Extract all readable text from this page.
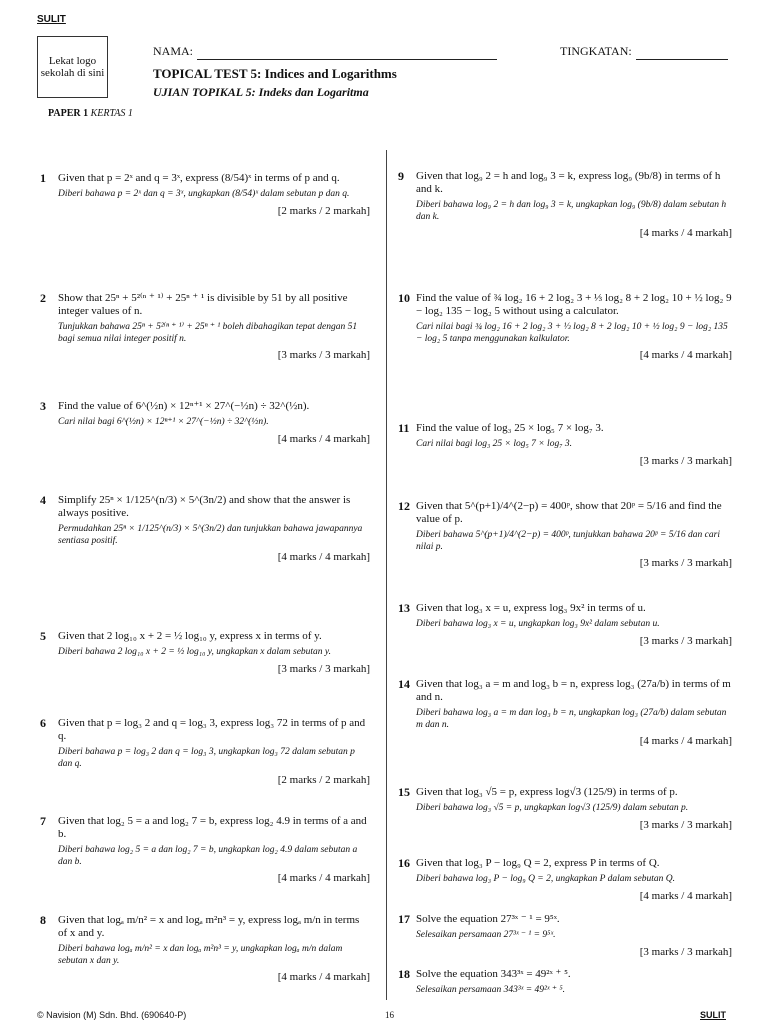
SULIT
Lekat logo sekolah di sini
NAMA:	TINGKATAN:
TOPICAL TEST 5: Indices and Logarithms
UJIAN TOPIKAL 5: Indeks dan Logaritma
PAPER 1 KERTAS 1
1 Given that p = 2ˣ and q = 3ˣ, express (8/54)ˣ in terms of p and q.
Diberi bahawa p = 2ˣ dan q = 3ˣ, ungkapkan (8/54)ˣ dalam sebutan p dan q.
[2 marks / 2 markah]
2 Show that 25ⁿ + 5²⁽ⁿ ⁺ ¹⁾ + 25ⁿ ⁺ ¹ is divisible by 51 by all positive integer values of n.
Tunjukkan bahawa 25ⁿ + 5²⁽ⁿ ⁺ ¹⁾ + 25ⁿ ⁺ ¹ boleh dibahagikan tepat dengan 51 bagi semua nilai integer positif n.
[3 marks / 3 markah]
3 Find the value of 6^(½n) × 12ⁿ⁺¹ × 27^(−½n) ÷ 32^(½n).
Cari nilai bagi 6^(½n) × 12ⁿ⁺¹ × 27^(−½n) ÷ 32^(½n).
[4 marks / 4 markah]
4 Simplify 25ⁿ × 1/125^(n/3) × 5^(3n/2) and show that the answer is always positive.
Permudahkan 25ⁿ × 1/125^(n/3) × 5^(3n/2) dan tunjukkan bahawa jawapannya sentiasa positif.
[4 marks / 4 markah]
5 Given that 2 log₁₀ x + 2 = ½ log₁₀ y, express x in terms of y.
Diberi bahawa 2 log₁₀ x + 2 = ½ log₁₀ y, ungkapkan x dalam sebutan y.
[3 marks / 3 markah]
6 Given that p = log₃ 2 and q = log₃ 3, express log₃ 72 in terms of p and q.
Diberi bahawa p = log₃ 2 dan q = log₃ 3, ungkapkan log₃ 72 dalam sebutan p dan q.
[2 marks / 2 markah]
7 Given that log₂ 5 = a and log₂ 7 = b, express log₂ 4.9 in terms of a and b.
Diberi bahawa log₂ 5 = a dan log₂ 7 = b, ungkapkan log₂ 4.9 dalam sebutan a dan b.
[4 marks / 4 markah]
8 Given that logₐ m/n² = x and logₐ m²n³ = y, express logₐ m/n in terms of x and y.
Diberi bahawa logₐ m/n² = x dan logₐ m²n³ = y, ungkapkan logₐ m/n dalam sebutan x dan y.
[4 marks / 4 markah]
9 Given that log₉ 2 = h and log₉ 3 = k, express log₉ (9b/8) in terms of h and k.
Diberi bahawa log₉ 2 = h dan log₉ 3 = k, ungkapkan log₉ (9b/8) dalam sebutan h dan k.
[4 marks / 4 markah]
10 Find the value of ¾ log₂ 16 + 2 log₂ 3 + ⅓ log₂ 8 + 2 log₂ 10 + ½ log₂ 9 − log₂ 135 − log₂ 5 without using a calculator.
Cari nilai bagi ¾ log₂ 16 + 2 log₂ 3 + ⅓ log₂ 8 + 2 log₂ 10 + ½ log₂ 9 − log₂ 135 − log₂ 5 tanpa menggunakan kalkulator.
[4 marks / 4 markah]
11 Find the value of log₃ 25 × log₅ 7 × log₇ 3.
Cari nilai bagi log₃ 25 × log₅ 7 × log₇ 3.
[3 marks / 3 markah]
12 Given that 5^(p+1)/4^(2−p) = 400ᵖ, show that 20ᵖ = 5/16 and find the value of p.
Diberi bahawa 5^(p+1)/4^(2−p) = 400ᵖ, tunjukkan bahawa 20ᵖ = 5/16 dan cari nilai p.
[3 marks / 3 markah]
13 Given that log₃ x = u, express log₃ 9x² in terms of u.
Diberi bahawa log₃ x = u, ungkapkan log₃ 9x² dalam sebutan u.
[3 marks / 3 markah]
14 Given that log₃ a = m and log₃ b = n, express log₃ (27a/b) in terms of m and n.
Diberi bahawa log₃ a = m dan log₃ b = n, ungkapkan log₃ (27a/b) dalam sebutan m dan n.
[4 marks / 4 markah]
15 Given that log₃ √5 = p, express log√3 (125/9) in terms of p.
Diberi bahawa log₃ √5 = p, ungkapkan log√3 (125/9) dalam sebutan p.
[3 marks / 3 markah]
16 Given that log₃ P − log₉ Q = 2, express P in terms of Q.
Diberi bahawa log₃ P − log₉ Q = 2, ungkapkan P dalam sebutan Q.
[4 marks / 4 markah]
17 Solve the equation 27³ˣ ⁻ ¹ = 9⁵ˣ.
Selesaikan persamaan 27³ˣ ⁻ ¹ = 9⁵ˣ.
[3 marks / 3 markah]
18 Solve the equation 343³ˣ = 49²ˣ ⁺ ⁵.
Selesaikan persamaan 343³ˣ = 49²ˣ ⁺ ⁵.
© Navision (M) Sdn. Bhd. (690640-P)	16	SULIT
